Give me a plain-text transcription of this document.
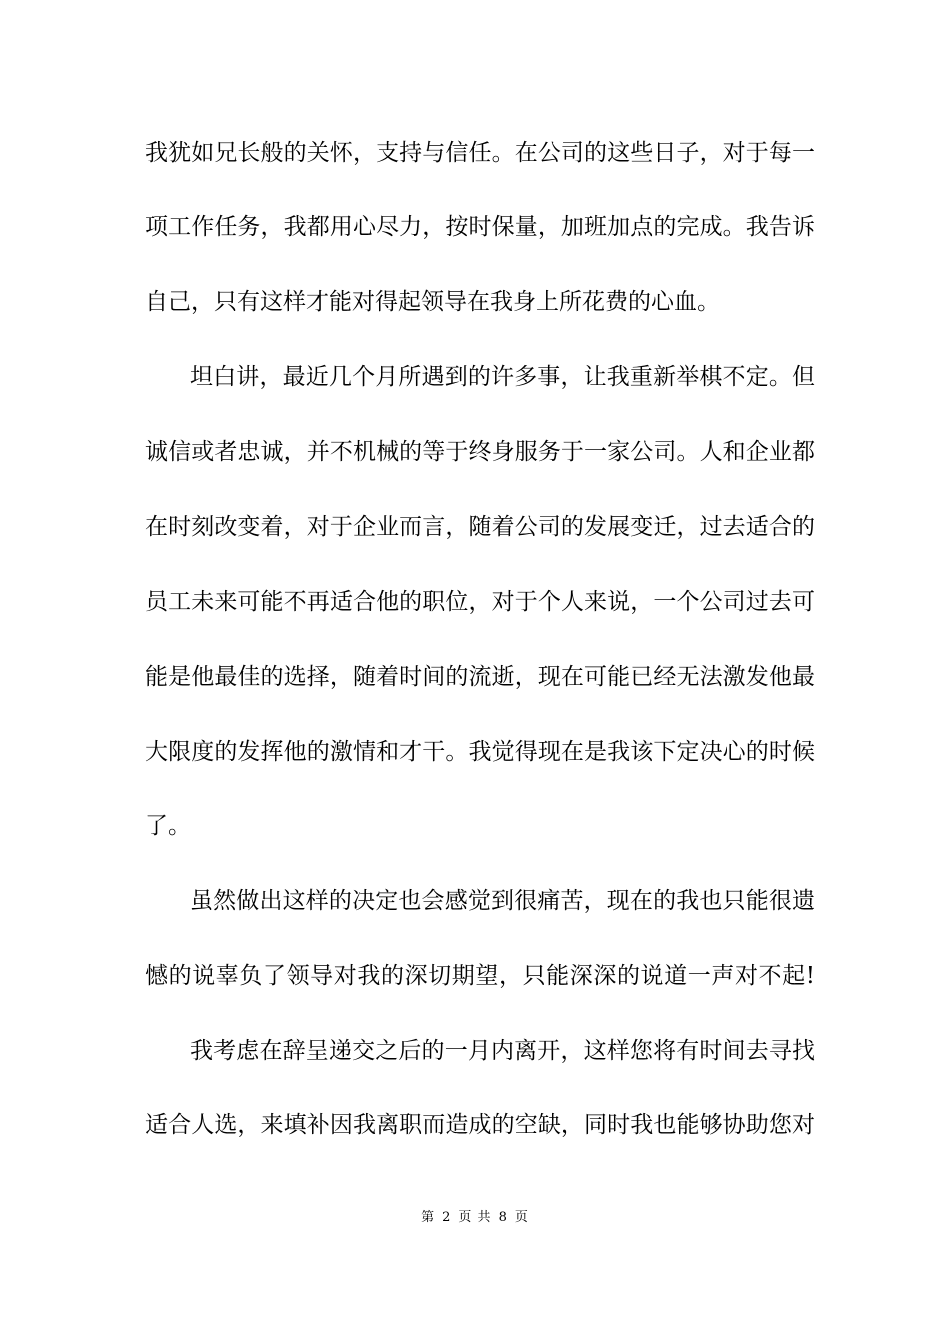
我犹如兄长般的关怀，支持与信任。在公司的这些日子，对于每一
项工作任务，我都用心尽力，按时保量，加班加点的完成。我告诉
自己，只有这样才能对得起领导在我身上所花费的心血。
坦白讲，最近几个月所遇到的许多事，让我重新举棋不定。但
诚信或者忠诚，并不机械的等于终身服务于一家公司。人和企业都
在时刻改变着，对于企业而言，随着公司的发展变迁，过去适合的
员工未来可能不再适合他的职位，对于个人来说，一个公司过去可
能是他最佳的选择，随着时间的流逝，现在可能已经无法激发他最
大限度的发挥他的激情和才干。我觉得现在是我该下定决心的时候
了。
虽然做出这样的决定也会感觉到很痛苦，现在的我也只能很遗
憾的说辜负了领导对我的深切期望，只能深深的说道一声对不起!
我考虑在辞呈递交之后的一月内离开，这样您将有时间去寻找
适合人选，来填补因我离职而造成的空缺，同时我也能够协助您对
第 2 页 共 8 页
